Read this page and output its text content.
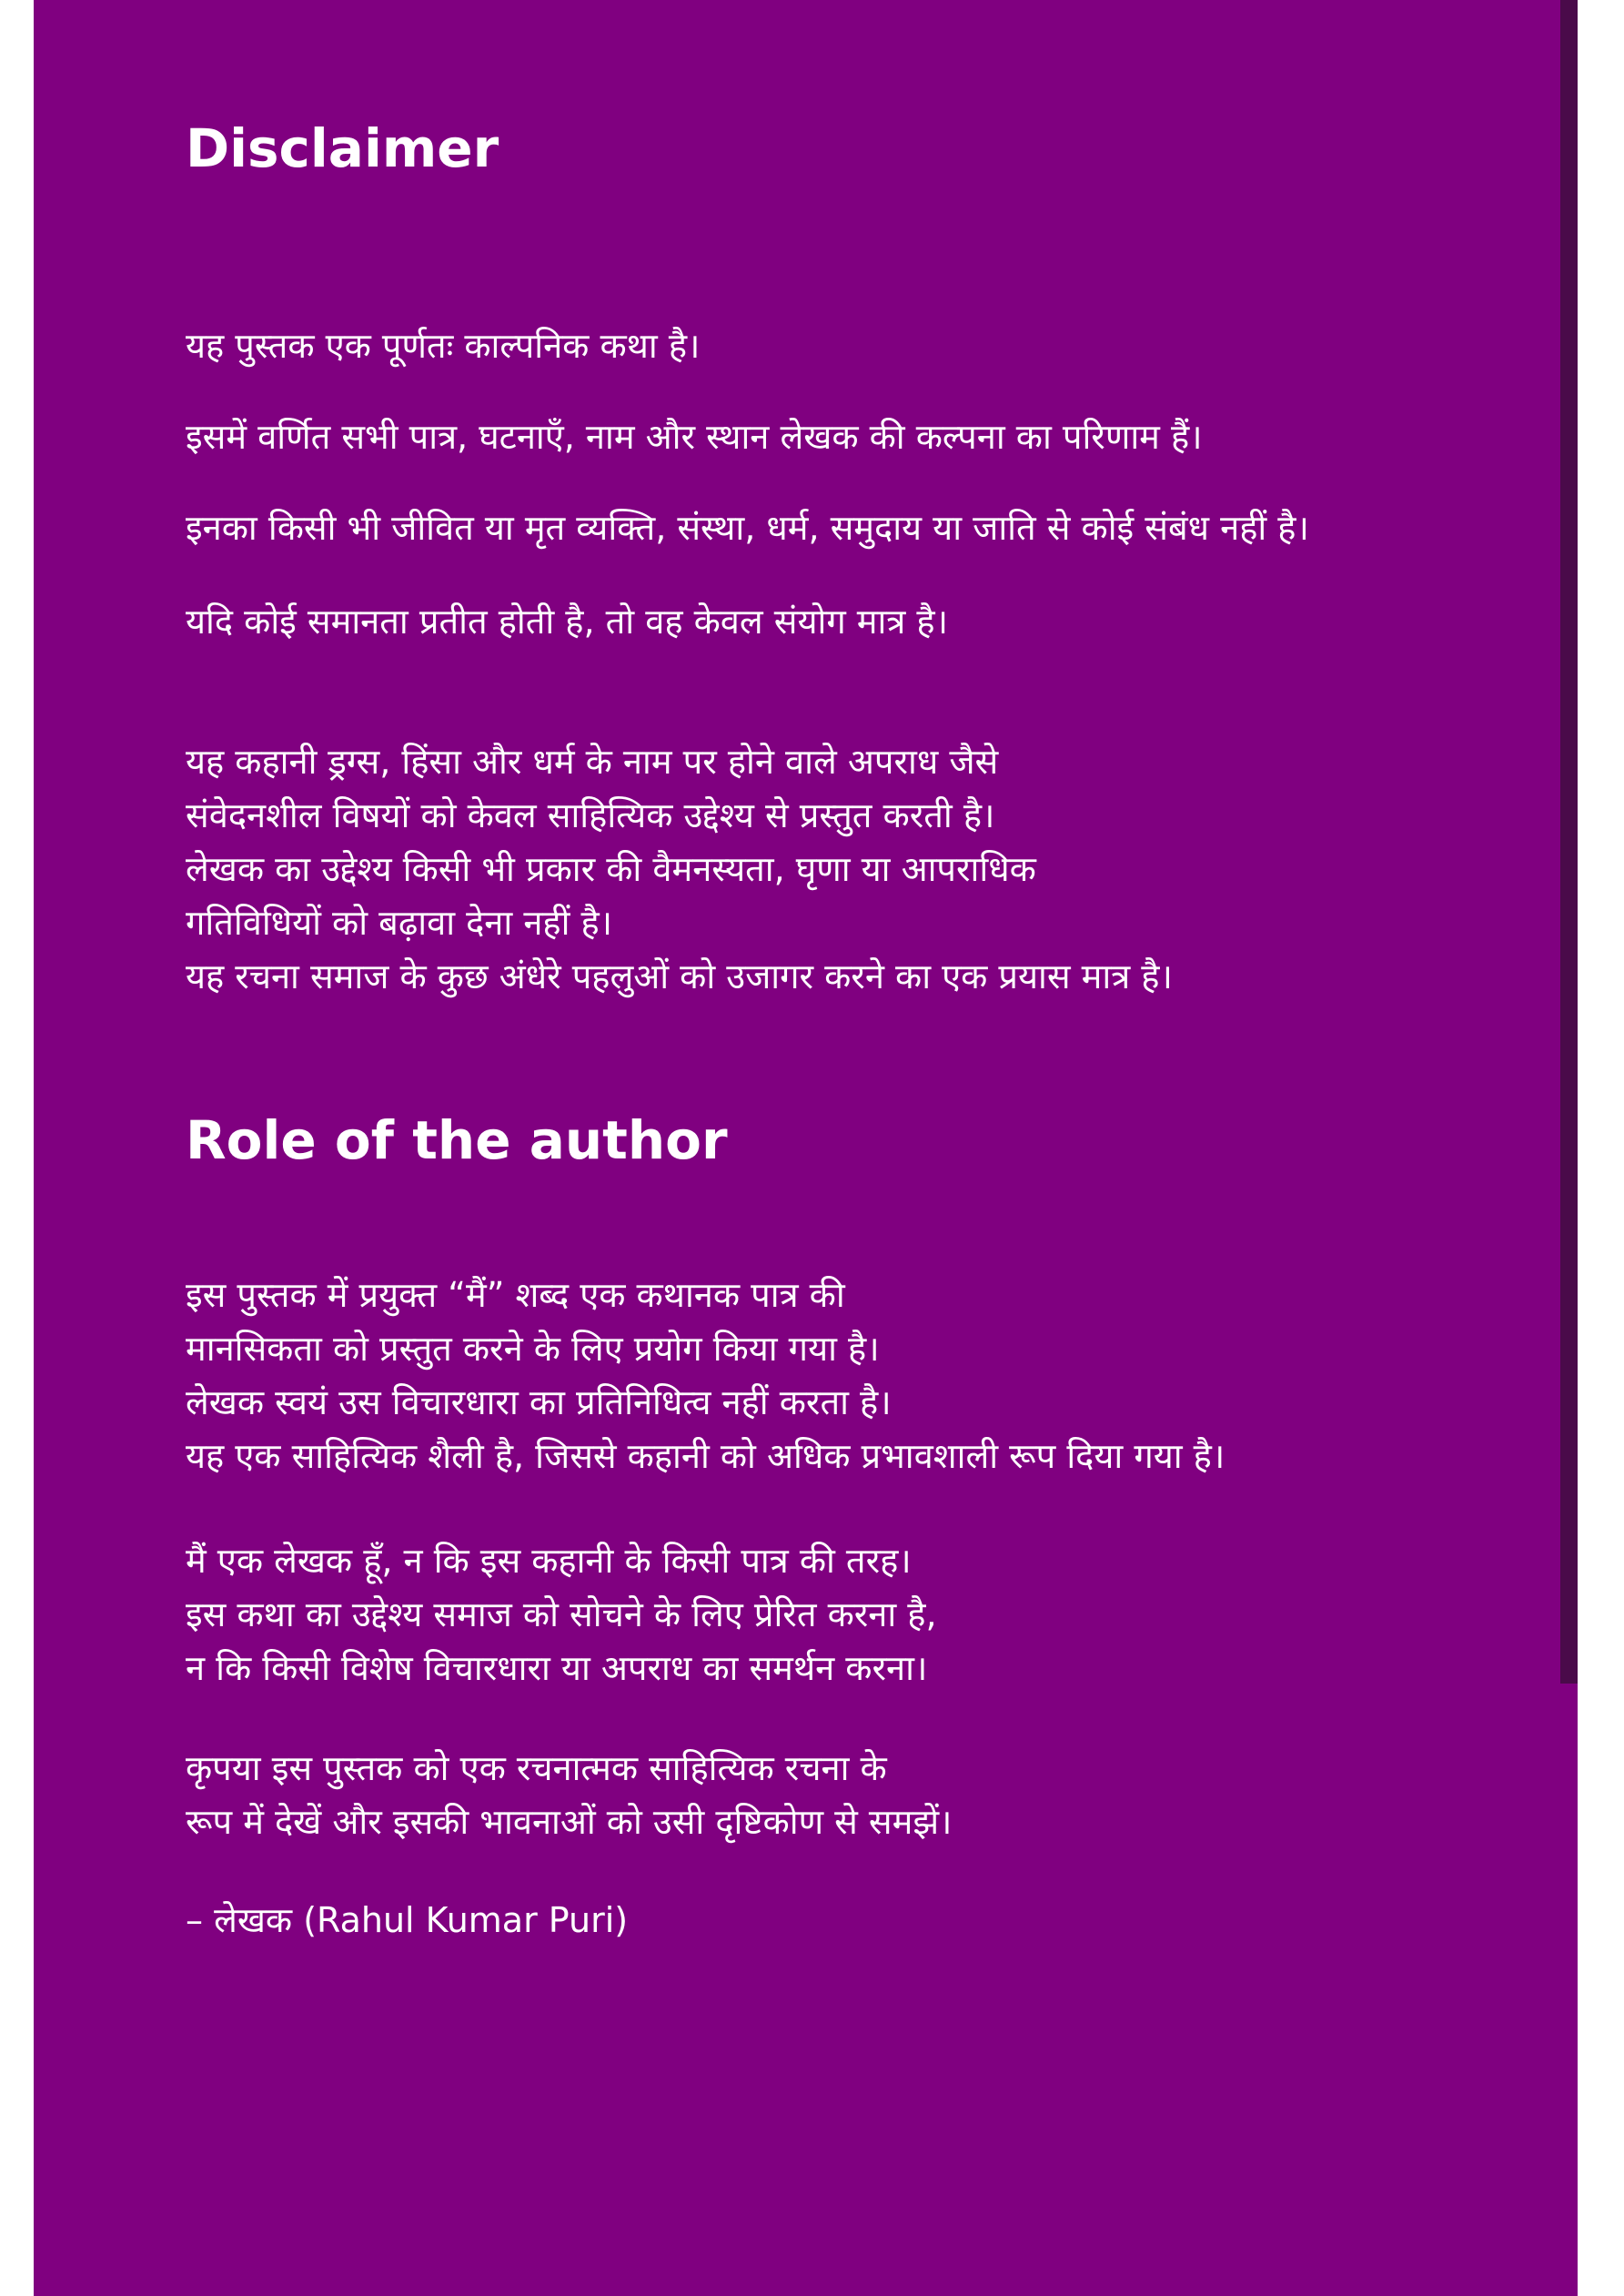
Disclaimer

यह पुस्तक एक पूर्णतः काल्पनिक कथा है।

इसमें वर्णित सभी पात्र, घटनाएँ, नाम और स्थान लेखक की कल्पना का परिणाम हैं।

इनका किसी भी जीवित या मृत व्यक्ति, संस्था, धर्म, समुदाय या जाति से कोई संबंध नहीं है।

यदि कोई समानता प्रतीत होती है, तो वह केवल संयोग मात्र है।

यह कहानी ड्रग्स, हिंसा और धर्म के नाम पर होने वाले अपराध जैसे

संवेदनशील विषयों को केवल साहित्यिक उद्देश्य से प्रस्तुत करती है।

लेखक का उद्देश्य किसी भी प्रकार की वैमनस्यता, घृणा या आपराधिक

गतिविधियों को बढ़ावा देना नहीं है।

यह रचना समाज के कुछ अंधेरे पहलुओं को उजागर करने का एक प्रयास मात्र है।

Role of the author

इस पुस्तक में प्रयुक्त “मैं” शब्द एक कथानक पात्र की

मानसिकता को प्रस्तुत करने के लिए प्रयोग किया गया है।

लेखक स्वयं उस विचारधारा का प्रतिनिधित्व नहीं करता है।

यह एक साहित्यिक शैली है, जिससे कहानी को अधिक प्रभावशाली रूप दिया गया है।

मैं एक लेखक हूँ, न कि इस कहानी के किसी पात्र की तरह।

इस कथा का उद्देश्य समाज को सोचने के लिए प्रेरित करना है,

न कि किसी विशेष विचारधारा या अपराध का समर्थन करना।

कृपया इस पुस्तक को एक रचनात्मक साहित्यिक रचना के

रूप में देखें और इसकी भावनाओं को उसी दृष्टिकोण से समझें।

– लेखक (Rahul Kumar Puri)
